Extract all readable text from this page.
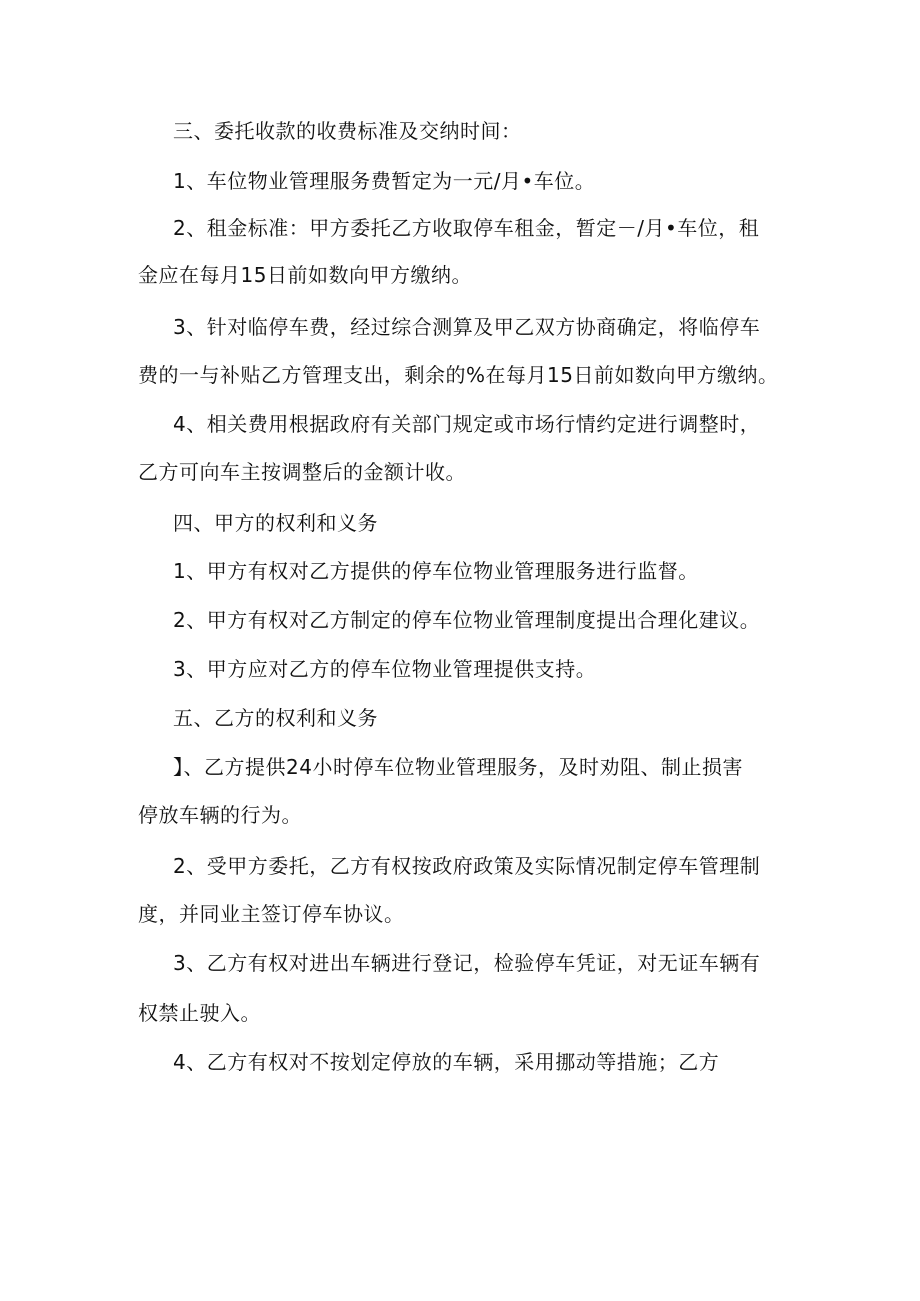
三、委托收款的收费标准及交纳时间：
1、车位物业管理服务费暂定为一元/月•车位。
2、租金标准：甲方委托乙方收取停车租金，暂定－/月•车位，租
金应在每月15日前如数向甲方缴纳。
3、针对临停车费，经过综合测算及甲乙双方协商确定，将临停车
费的一与补贴乙方管理支出，剩余的%在每月15日前如数向甲方缴纳。
4、相关费用根据政府有关部门规定或市场行情约定进行调整时，
乙方可向车主按调整后的金额计收。
四、甲方的权利和义务
1、甲方有权对乙方提供的停车位物业管理服务进行监督。
2、甲方有权对乙方制定的停车位物业管理制度提出合理化建议。
3、甲方应对乙方的停车位物业管理提供支持。
五、乙方的权利和义务
】、乙方提供24小时停车位物业管理服务，及时劝阻、制止损害
停放车辆的行为。
2、受甲方委托，乙方有权按政府政策及实际情况制定停车管理制
度，并同业主签订停车协议。
3、乙方有权对进出车辆进行登记，检验停车凭证，对无证车辆有
权禁止驶入。
4、乙方有权对不按划定停放的车辆，采用挪动等措施；乙方
